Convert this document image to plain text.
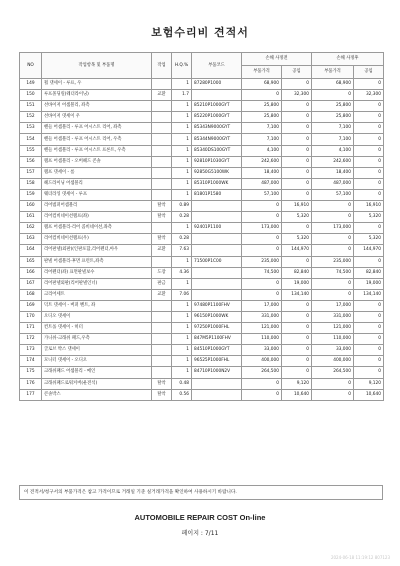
보험수리비 견적서
NO	작업항목 및 부품명	작업	H.Q.%	부품코드	손해 사정전		손해 사정후	
					부품가격	공임	부품가격	공임
149	휠 댓세이 - 루프, 우		1	87280P1000	68,900	0	68,900	0
150	루프몰딩릴(웨더라이닝)	교환	1.7		0	32,300	0	32,300
151	선바이저 어셈블리, 좌측		1	85210P1000GYT	25,800	0	25,800	0
152	선바이저 댓세이 우		1	85220P1000GYT	25,800	0	25,800	0
153	핸들 어셈블리 - 루프 어시스트 리어, 좌측		1	85343N9000GYT	7,100	0	7,100	0
154	핸들 어셈블리 - 루프 어시스트 리어, 우측		1	85344N9000GYT	7,100	0	7,100	0
155	핸들 어셈블리 - 루프 어시스트 프론트, 우측		1	85340DS100GYT	4,100	0	4,100	0
156	램프 어셈블리 - 오버헤드 콘솔		1	92810P1030GYT	242,600	0	242,600	0
157	램프 댓세이 - 룸		1	92850G5100WK	18,400	0	18,400	0
158	헤드라이닝 어셈블리		1	85310P1000WK	487,000	0	487,000	0
159	웨더라잉 댓세이 - 루프		1	81801P1580	57,100	0	57,100	0
160	리어범퍼어셈블리	탈착	0.89		0	16,910	0	16,910
161	리어컴비네이션램프(좌)	탈착	0.28		0	5,320	0	5,320
162	램프 어셈블리-리어 콤비네이션,좌측		1	92401P1100	173,000	0	173,000	0
163	리어컴비네이션램프(우)	탈착	0.28		0	5,320	0	5,320
164	리어판넬(외판)(인판포함,리어펜더,아우	교환	7.63		0	144,970	0	144,970
165	판넬 어셈블리-후면 프런트,좌측		1	71500P1C00	235,000	0	235,000	0
166	리어펜더(좌) 표면판넬보수	도장	4.36		74,500	82,840	74,500	82,840
167	리어판넬외판(리어판넬인너)	판금	1		0	19,000	0	19,000
168	크리어세트	교환	7.06		0	134,140	0	134,140
169	덕트 댓세이 - 버퍼 벤트, 좌		1	97480P1100FHV	17,000	0	17,000	0
170	오디오 댓세이		1	96150P1000WK	331,000	0	331,000	0
171	컨트롤 댓세이 - 히터		1	97250P1000FHL	121,000	0	121,000	0
172	가니쉬-크래쉬 패드,우측		1	847M5P1100FHV	110,000	0	110,000	0
173	글로브 박스 댓세이		1	84510P1000GYT	33,000	0	33,000	0
174	모니터 댓세이 - 오디오		1	96525P1000FHL	400,000	0	400,000	0
175	크래쉬패드 어셈블리 - 메인		1	84710P1000N2V	264,500	0	264,500	0
176	크래쉬패드로워커버(운전석)	탈착	0.48		0	9,120	0	9,120
177	콘솔박스	탈착	0.56		0	10,640	0	10,640
이 견적서/청구서의 부품가격은 참고 가격이므로 거래일 기준 실거래가격을 확인하여 사용하시기 바랍니다.
AUTOMOBILE REPAIR COST On-line
페이지 : 7/11
2024-06-18 11:19:12 807123
